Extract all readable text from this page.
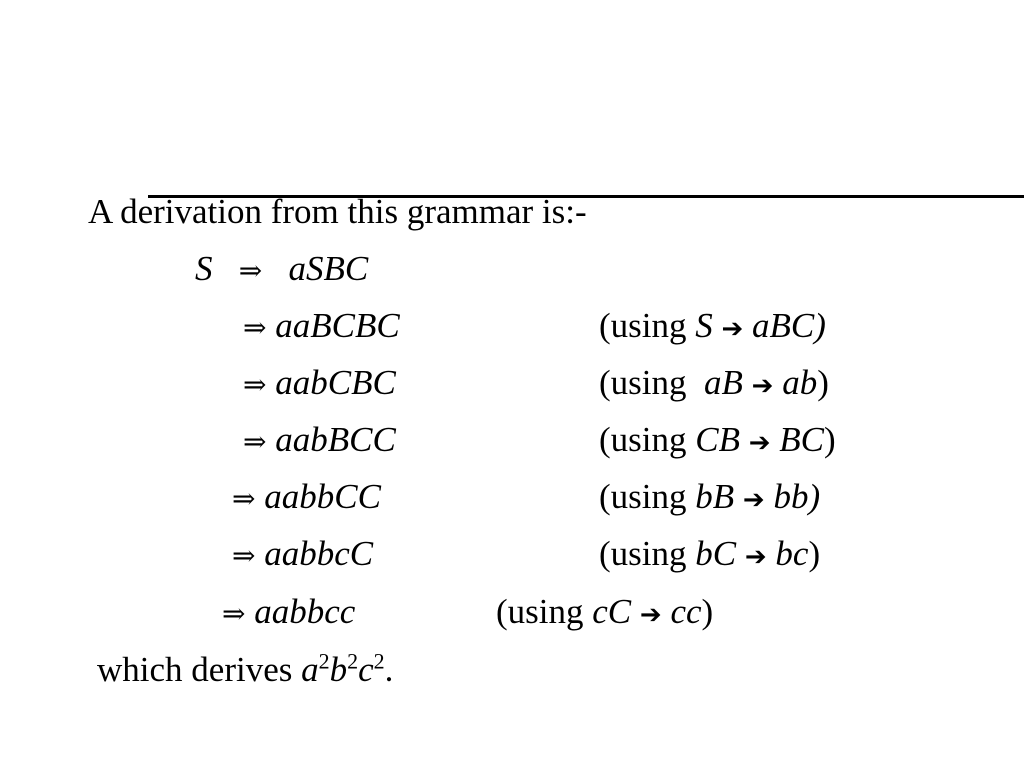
A derivation from this grammar is:-
S ⇒ aSBC
⇒ aaBCBC	(using S ➔ aBC)
⇒ aabCBC	(using aB ➔ ab)
⇒ aabBCC	(using CB ➔ BC)
⇒ aabbCC	(using bB ➔ bb)
⇒ aabbcC	(using bC ➔ bc)
⇒ aabbcc	(using cC ➔ cc)
which derives $a^2b^2c^2$.
